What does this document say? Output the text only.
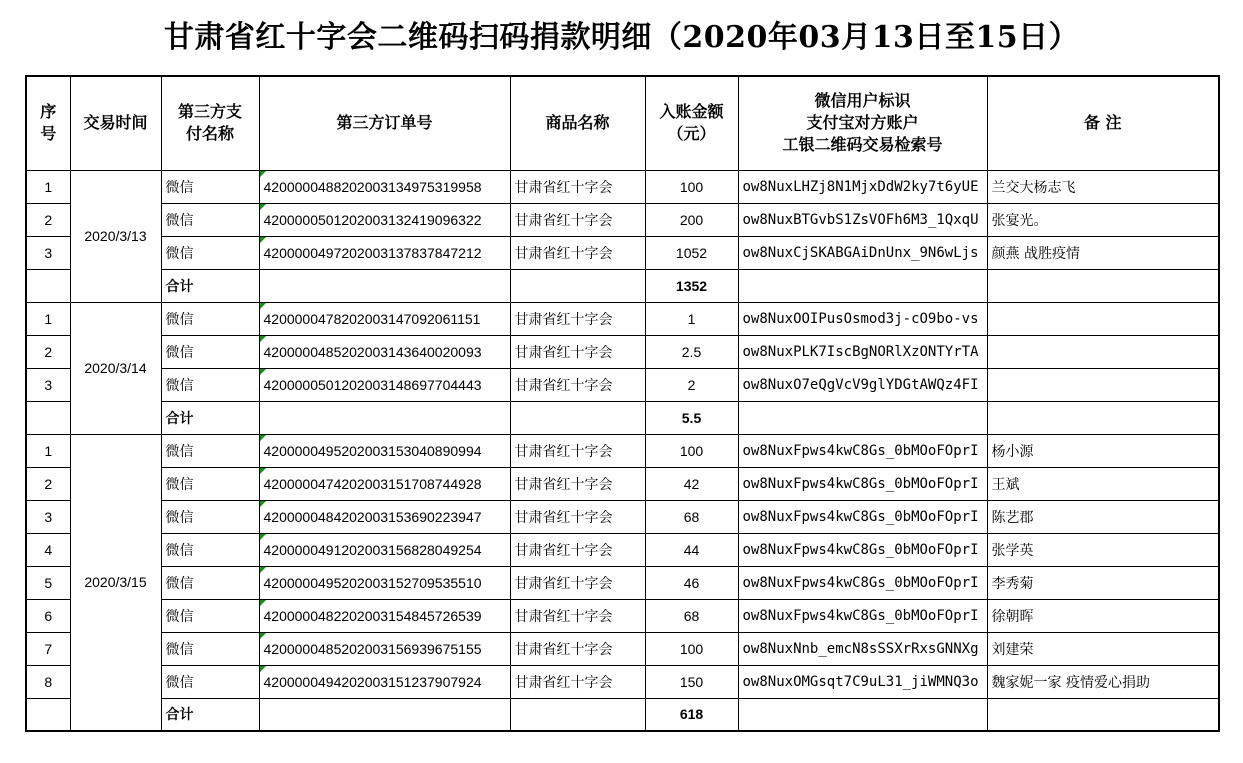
甘肃省红十字会二维码扫码捐款明细（2020年03月13日至15日）
序号	交易时间	第三方支付名称	第三方订单号	商品名称	入账金额（元）	微信用户标识
支付宝对方账户
工银二维码交易检索号	备 注
1	2020/3/13	微信	4200000488202003134975319958	甘肃省红十字会	100	ow8NuxLHZj8N1MjxDdW2ky7t6yUE	兰交大杨志飞
2		微信	4200000501202003132419096322	甘肃省红十字会	200	ow8NuxBTGvbS1ZsVOFh6M3_1QxqU	张宴光。
3		微信	4200000497202003137837847212	甘肃省红十字会	1052	ow8NuxCjSKABGAiDnUnx_9N6wLjs	颜燕 战胜疫情
		合计			1352		
1	2020/3/14	微信	4200000478202003147092061151	甘肃省红十字会	1	ow8NuxOOIPusOsmod3j-cO9bo-vs	
2		微信	4200000485202003143640020093	甘肃省红十字会	2.5	ow8NuxPLK7IscBgNORlXzONTYrTA	
3		微信	4200000501202003148697704443	甘肃省红十字会	2	ow8NuxO7eQgVcV9glYDGtAWQz4FI	
		合计			5.5		
1	2020/3/15	微信	4200000495202003153040890994	甘肃省红十字会	100	ow8NuxFpws4kwC8Gs_0bMOoFOprI	杨小源
2		微信	4200000474202003151708744928	甘肃省红十字会	42	ow8NuxFpws4kwC8Gs_0bMOoFOprI	王斌
3		微信	4200000484202003153690223947	甘肃省红十字会	68	ow8NuxFpws4kwC8Gs_0bMOoFOprI	陈艺郡
4		微信	4200000491202003156828049254	甘肃省红十字会	44	ow8NuxFpws4kwC8Gs_0bMOoFOprI	张学英
5		微信	4200000495202003152709535510	甘肃省红十字会	46	ow8NuxFpws4kwC8Gs_0bMOoFOprI	李秀菊
6		微信	4200000482202003154845726539	甘肃省红十字会	68	ow8NuxFpws4kwC8Gs_0bMOoFOprI	徐朝晖
7		微信	4200000485202003156939675155	甘肃省红十字会	100	ow8NuxNnb_emcN8sSSXrRxsGNNXg	刘建荣
8		微信	4200000494202003151237907924	甘肃省红十字会	150	ow8NuxOMGsqt7C9uL31_jiWMNQ3o	魏家妮一家 疫情爱心捐助
		合计			618		
